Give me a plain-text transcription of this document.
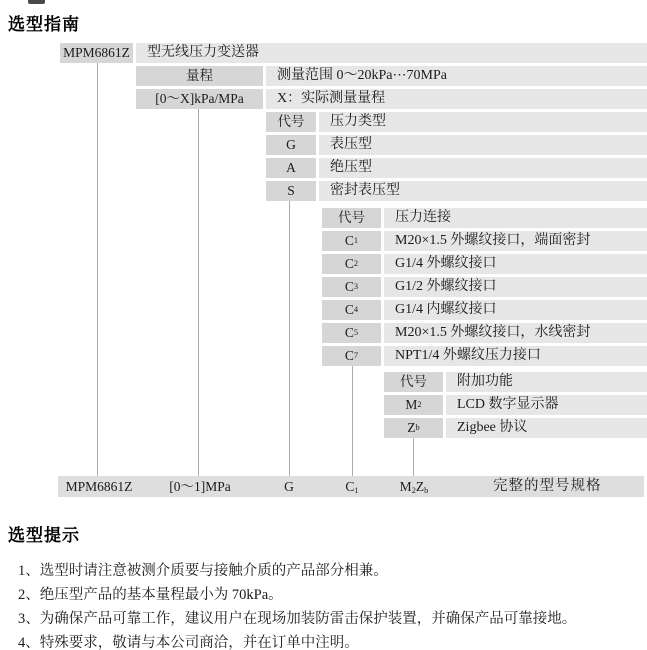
选型指南
MPM6861Z	型无线压力变送器
量程	测量范围 0～20kPa⋯70MPa
[0～X]kPa/MPa	X：实际测量量程
代号	压力类型
G	表压型
A	绝压型
S	密封表压型
代号	压力连接
C 1	M20×1.5 外螺纹接口，端面密封
C 2	G1/4 外螺纹接口
C 3	G1/2 外螺纹接口
C 4	G1/4 内螺纹接口
C 5	M20×1.5 外螺纹接口，水线密封
C 7	NPT1/4 外螺纹压力接口
代号	附加功能
M 2	LCD 数字显示器
Z b	Zigbee 协议
MPM6861Z	[0～1]MPa	G	$C_1$	$M_2Z_b$	完整的型号规格
选型提示
1、选型时请注意被测介质要与接触介质的产品部分相兼。
2、绝压型产品的基本量程最小为 70kPa。
3、为确保产品可靠工作，建议用户在现场加装防雷击保护装置，并确保产品可靠接地。
4、特殊要求，敬请与本公司商洽，并在订单中注明。
